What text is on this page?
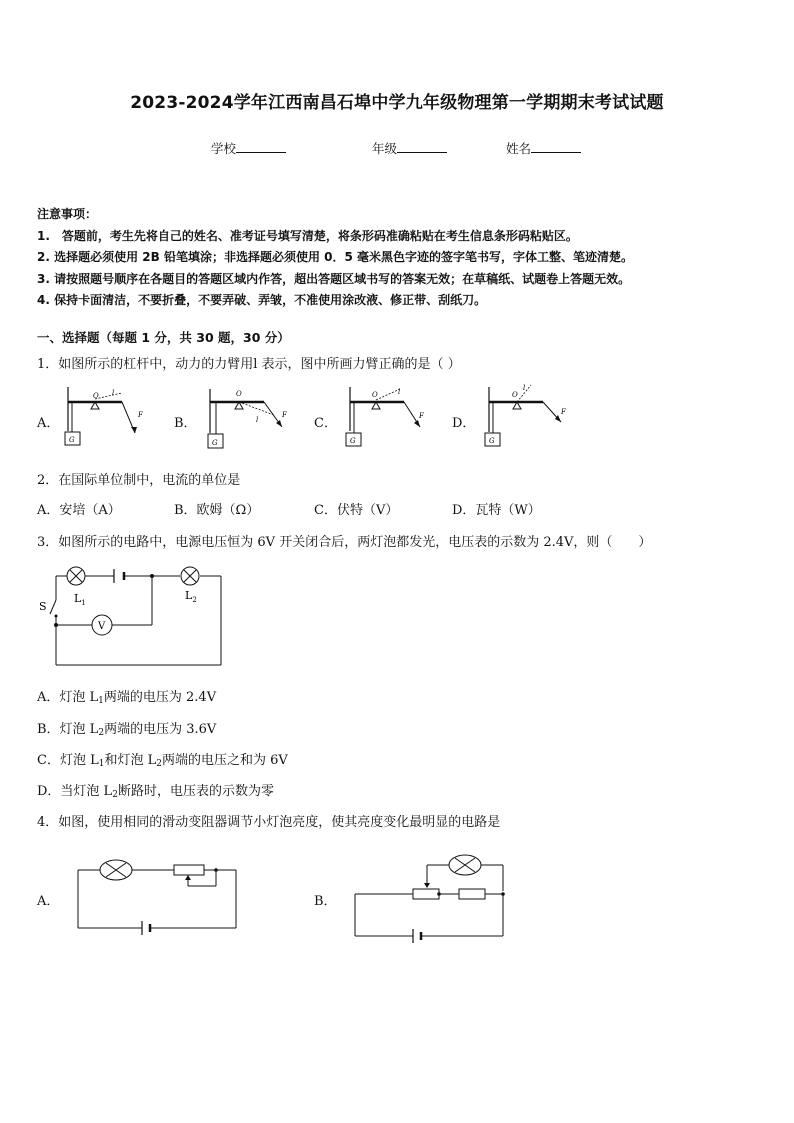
2023-2024学年江西南昌石埠中学九年级物理第一学期期末考试试题
学校	年级	姓名
注意事项：
1.　答题前，考生先将自己的姓名、准考证号填写清楚，将条形码准确粘贴在考生信息条形码粘贴区。
2. 选择题必须使用 2B 铅笔填涂；非选择题必须使用 0．5 毫米黑色字迹的签字笔书写，字体工整、笔迹清楚。
3. 请按照题号顺序在各题目的答题区域内作答，超出答题区域书写的答案无效；在草稿纸、试题卷上答题无效。
4. 保持卡面清洁，不要折叠，不要弄破、弄皱，不准使用涂改液、修正带、刮纸刀。
一、选择题（每题 1 分，共 30 题，30 分）
1．如图所示的杠杆中，动力的力臂用l 表示，图中所画力臂正确的是（ ）
A．	B．	C．	D．
O l
F
G
O
l
F
G
O	l
F
G
O
l
F
G
2．在国际单位制中，电流的单位是
A．安培（A）	B．欧姆（Ω）	C．伏特（V）	D．瓦特（W）
3．如图所示的电路中，电源电压恒为 6V 开关闭合后，两灯泡都发光，电压表的示数为 2.4V，则（　　）
V
$L_1$
$L_2$
S
A．灯泡 $L_1$两端的电压为 2.4V
B．灯泡 $L_2$两端的电压为 3.6V
C．灯泡 $L_1$和灯泡 $L_2$两端的电压之和为 6V
D．当灯泡 $L_2$断路时，电压表的示数为零
4．如图，使用相同的滑动变阻器调节小灯泡亮度，使其亮度变化最明显的电路是
A．	B．
